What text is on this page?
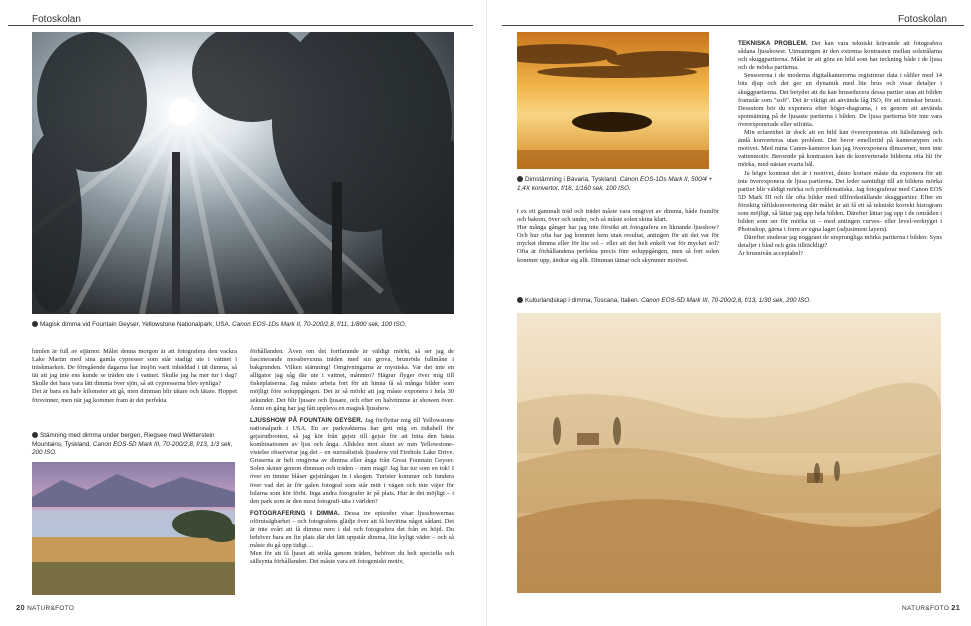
Fotoskolan	Fotoskolan
Magisk dimma vid Fountain Geyser, Yellowstone Nationalpark, USA. Canon EOS-1Ds Mark II, 70-200/2,8, f/11, 1/800 sek, 100 ISO.

himlen är full av stjärnor. Målet denna morgon är att fotografera den vackra Lake Martin med sina gamla cypresser som står stadigt ute i vattnet i träskmarken. De föregående dagarna har insjön varit inbäddad i tät dimma, så tät att jag inte ens kunde se träden ute i vattnet. Skulle jag ha mer tur i dag? Skulle det bara vara lätt dimma över sjön, så att cypresserna blev synliga?
Det är bara en halv kilometer att gå, men dimman blir tätare och tätare. Hoppet försvinner, men när jag kommer fram är det perfekta

Stämning med dimma under bergen, Riegsee med Wetterstein Mountains, Tyskland. Canon EOS-5D Mark III, 70-200/2,8, f/13, 1/3 sek, 200 ISO.

förhållanden. Även om det fortfarande är väldigt mörkt, så ser jag de fascinerande mossbevuxna träden med sin grova, brunröda fullmåne i bakgrunden. Vilken stämning! Omgivningarna är mystiska. Var det inte en alligator jag såg där ute i vattnet, månntro? Hägrar flyger över mig till fiskeplatserna. Jag måste arbeta fort för att hinna få så många bilder som möjligt före soluppgången. Det är så mörkt att jag måste exponera i hela 30 sekunder. Det blir ljusare och ljusare, och efter en halvtimme är showen över. Ännu en gång har jag fått uppleva en magisk ljusshow.

LJUSSHOW PÅ FOUNTAIN GEYSER. Jag förflyttar mig till Yellowstone nationalpark i USA. En av parkvakterna har gett mig en tidtabell för gejsirutbrotten, så jag kör från gejsir till gejsir för att hitta den bästa kombinationen av ljus och ånga. Alldeles mot slutet av min Yellowstone-vistelse observerar jag det – en surrealistisk ljusshow vid Firehole Lake Drive. Gruserna är helt omgivna av dimma eller ånga från Great Fountain Geyser. Solen skiner genom dimman och träden – men magi! Jag har tur som en tok! I över en timme blåser gejsirångan in i skogen. Turister kommer och fundera över vad det är för galen fotograf som står mitt i vägen och inte väjer för bilarna som kör förbi. Inga andra fotografer är på plats. Hur är det möjligt – i den park som är den mest fotografi-täta i världen?

FOTOGRAFERING I DIMMA. Dessa tre episoder visar ljusshowernas oförutsägbarhet – och fotografens glädje över att få bevittna något sådant. Det är inte svårt att få dimma nere i dal och fotografera det från en höjd. Du behöver bara en fin plats där det lätt uppstår dimma, lite kyligt väder – och så måste du gå upp tidigt…
Men för att få ljuset att stråla genom träden, behöver du helt speciella och sällsynta förhållanden. Det måste vara ett fotogeniskt motiv,

Dimstämning i Bavaria, Tyskland. Canon EOS-1Ds Mark II, 500/4 + 1,4X konvertor, f/16, 1/160 sek, 100 ISO.

t ex ett gammalt träd och trädet måste vara omgivet av dimma, både framför och bakom, över och under, och så måste solen skina klart.
Hur många gånger har jag inte försökt att fotografera en liknande ljusshow? Och hur ofta har jag kommit hem utan resultat, antingen för att det var för mycket dimma eller för lite sol – eller att det helt enkelt var för mycket sol? Ofta är förhållandena perfekta precis före soluppgången, men så fort solen kommer upp, ändrar sig allt. Dimman tätnar och skymmer motivet.

TEKNISKA PROBLEM. Det kan vara tekniskt krävande att fotografera sådana ljusshower. Utmaningen är den extrema kontrasten mellan solstrålarna och skuggpartierna. Målet är att göra en bild som har teckning både i de ljusa och de mörka partierna.

Sensorerna i de moderna digitalkamerorna registrerar data i råfiler med 14 bits djup och det ger en dynamik med lite brus och visar detaljer i skuggpartierna. Det betyder att du kan bruseducera dessa partier utan att bilden framstår som "soft". Det är viktigt att använda låg ISO, för att minskar bruset. Dessutom bör du exponera efter höger-diagrama, i ex genom att använda spotmätning på de ljusaste partierna i bilden. De ljusa partierna bör inte vara överexponerade eller utfrätta.

Min erfarenhet är dock att en bild kan överexponeras ett hälsdansteg och ändå konverteras utan problem. Det beror emellertid på kameratypen och motivet. Med mina Canon-kameror kan jag överexponera dimsoener, men inte vattenmotiv. Beroende på kontrasten kan de konverterade bilderna ofta bli för mörka, med nästan svarta hål.

Ju högre kontrast det är i motivet, desto kortare måste du exponera för att inte överexponera de ljusa partierna. Det leder samtidigt till att bildens mörka partier blir väldigt mörka och problematiska. Jag fotograferar med Canon EOS 5D Mark III och får ofta bilder med tillfredsställande skuggpartier. Efter en försiktig råfilskonvertering där målet är att få ett så tekniskt korrekt histogram som möjligt, så lättar jag upp hela bilden. Därefter lättar jag upp i de områden i bilden som ser för mörka ut – med antingen curves- eller level-verktyget i Photoshop, gärna i form av egna lager (adjustment layers).

Därefter studerar jag noggrant de ursprungliga mörka partierna i bilden: Syns detaljer i blad och gräs tillräckligt?
Är brusnivån acceptabel?

Kulturlandskap i dimma, Toscana, Italien. Canon EOS-5D Mark III, 70-200/2,8, f/13, 1/30 sek, 200 ISO.
20 NATUR&FOTO	NATUR&FOTO 21
